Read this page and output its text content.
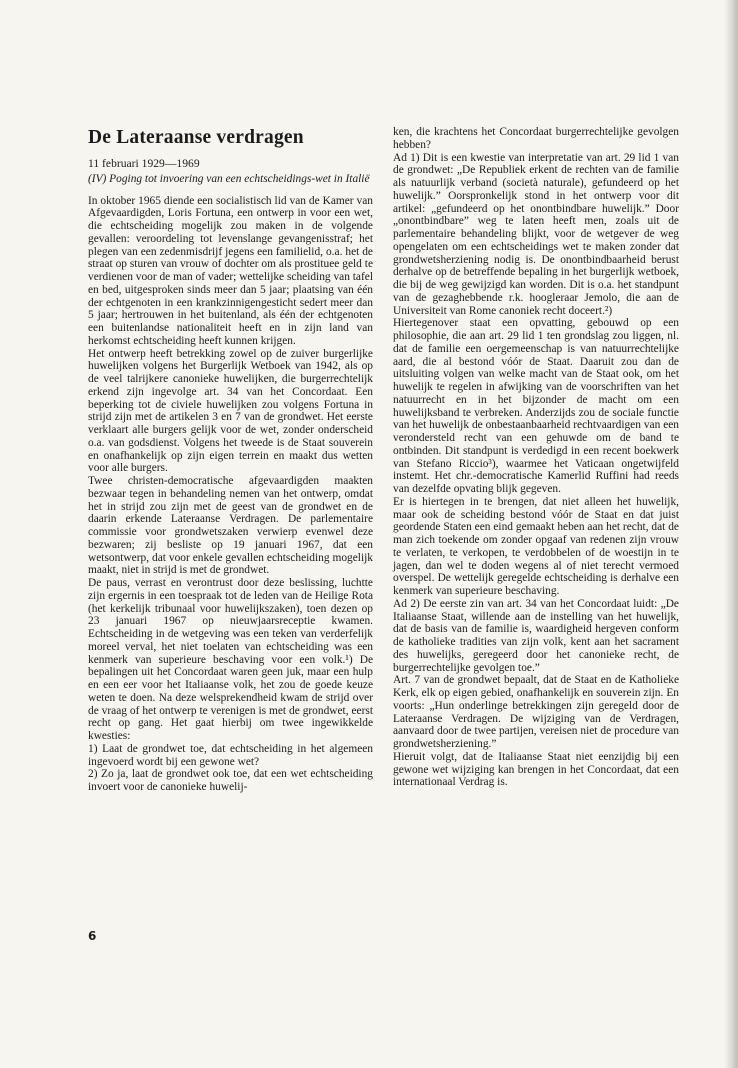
De Lateraanse verdragen

11 februari 1929—1969

(IV) Poging tot invoering van een echtscheidings-wet in Italië

In oktober 1965 diende een socialistisch lid van de Kamer van Afgevaardigden, Loris Fortuna, een ontwerp in voor een wet, die echtscheiding mogelijk zou maken in de volgende gevallen: veroordeling tot levenslange gevangenisstraf; het plegen van een zedenmisdrijf jegens een familielid, o.a. het de straat op sturen van vrouw of dochter om als prostituee geld te verdienen voor de man of vader; wettelijke scheiding van tafel en bed, uitgesproken sinds meer dan 5 jaar; plaatsing van één der echtgenoten in een krankzinnigengesticht sedert meer dan 5 jaar; hertrouwen in het buitenland, als één der echtgenoten een buitenlandse nationaliteit heeft en in zijn land van herkomst echtscheiding heeft kunnen krijgen.

Het ontwerp heeft betrekking zowel op de zuiver burgerlijke huwelijken volgens het Burgerlijk Wetboek van 1942, als op de veel talrijkere canonieke huwelijken, die burgerrechtelijk erkend zijn ingevolge art. 34 van het Concordaat. Een beperking tot de civiele huwelijken zou volgens Fortuna in strijd zijn met de artikelen 3 en 7 van de grondwet. Het eerste verklaart alle burgers gelijk voor de wet, zonder onderscheid o.a. van godsdienst. Volgens het tweede is de Staat souverein en onafhankelijk op zijn eigen terrein en maakt dus wetten voor alle burgers.

Twee christen-democratische afgevaardigden maakten bezwaar tegen in behandeling nemen van het ontwerp, omdat het in strijd zou zijn met de geest van de grondwet en de daarin erkende Lateraanse Verdragen. De parlementaire commissie voor grondwetszaken verwierp evenwel deze bezwaren; zij besliste op 19 januari 1967, dat een wetsontwerp, dat voor enkele gevallen echtscheiding mogelijk maakt, niet in strijd is met de grondwet.

De paus, verrast en verontrust door deze beslissing, luchtte zijn ergernis in een toespraak tot de leden van de Heilige Rota (het kerkelijk tribunaal voor huwelijkszaken), toen dezen op 23 januari 1967 op nieuwjaarsreceptie kwamen. Echtscheiding in de wetgeving was een teken van verderfelijk moreel verval, het niet toelaten van echtscheiding was een kenmerk van superieure beschaving voor een volk.¹) De bepalingen uit het Concordaat waren geen juk, maar een hulp en een eer voor het Italiaanse volk, het zou de goede keuze weten te doen. Na deze welsprekendheid kwam de strijd over de vraag of het ontwerp te verenigen is met de grondwet, eerst recht op gang. Het gaat hierbij om twee ingewikkelde kwesties:

1) Laat de grondwet toe, dat echtscheiding in het algemeen ingevoerd wordt bij een gewone wet?

2) Zo ja, laat de grondwet ook toe, dat een wet echtscheiding invoert voor de canonieke huwelij-

ken, die krachtens het Concordaat burgerrechtelijke gevolgen hebben?

Ad 1) Dit is een kwestie van interpretatie van art. 29 lid 1 van de grondwet: „De Republiek erkent de rechten van de familie als natuurlijk verband (società naturale), gefundeerd op het huwelijk.” Oorspronkelijk stond in het ontwerp voor dit artikel: „gefundeerd op het onontbindbare huwelijk.” Door „onontbindbare” weg te laten heeft men, zoals uit de parlementaire behandeling blijkt, voor de wetgever de weg opengelaten om een echtscheidings wet te maken zonder dat grondwetsherziening nodig is. De onontbindbaarheid berust derhalve op de betreffende bepaling in het burgerlijk wetboek, die bij de weg gewijzigd kan worden. Dit is o.a. het standpunt van de gezaghebbende r.k. hoogleraar Jemolo, die aan de Universiteit van Rome canoniek recht doceert.²)

Hiertegenover staat een opvatting, gebouwd op een philosophie, die aan art. 29 lid 1 ten grondslag zou liggen, nl. dat de familie een oergemeenschap is van natuurrechtelijke aard, die al bestond vóór de Staat. Daaruit zou dan de uitsluiting volgen van welke macht van de Staat ook, om het huwelijk te regelen in afwijking van de voorschriften van het natuurrecht en in het bijzonder de macht om een huwelijksband te verbreken. Anderzijds zou de sociale functie van het huwelijk de onbestaanbaarheid rechtvaardigen van een verondersteld recht van een gehuwde om de band te ontbinden. Dit standpunt is verdedigd in een recent boekwerk van Stefano Riccio³), waarmee het Vaticaan ongetwijfeld instemt. Het chr.-democratische Kamerlid Ruffini had reeds van dezelfde opvating blijk gegeven.

Er is hiertegen in te brengen, dat niet alleen het huwelijk, maar ook de scheiding bestond vóór de Staat en dat juist geordende Staten een eind gemaakt heben aan het recht, dat de man zich toekende om zonder opgaaf van redenen zijn vrouw te verlaten, te verkopen, te verdobbelen of de woestijn in te jagen, dan wel te doden wegens al of niet terecht vermoed overspel. De wettelijk geregelde echtscheiding is derhalve een kenmerk van superieure beschaving.

Ad 2) De eerste zin van art. 34 van het Concordaat luidt: „De Italiaanse Staat, willende aan de instelling van het huwelijk, dat de basis van de familie is, waardigheid hergeven conform de katholieke tradities van zijn volk, kent aan het sacrament des huwelijks, geregeerd door het canonieke recht, de burgerrechtelijke gevolgen toe.”

Art. 7 van de grondwet bepaalt, dat de Staat en de Katholieke Kerk, elk op eigen gebied, onafhankelijk en souverein zijn. En voorts: „Hun onderlinge betrekkingen zijn geregeld door de Lateraanse Verdragen. De wijziging van de Verdragen, aanvaard door de twee partijen, vereisen niet de procedure van grondwetsherziening.”

Hieruit volgt, dat de Italiaanse Staat niet eenzijdig bij een gewone wet wijziging kan brengen in het Concordaat, dat een internationaal Verdrag is.

6
